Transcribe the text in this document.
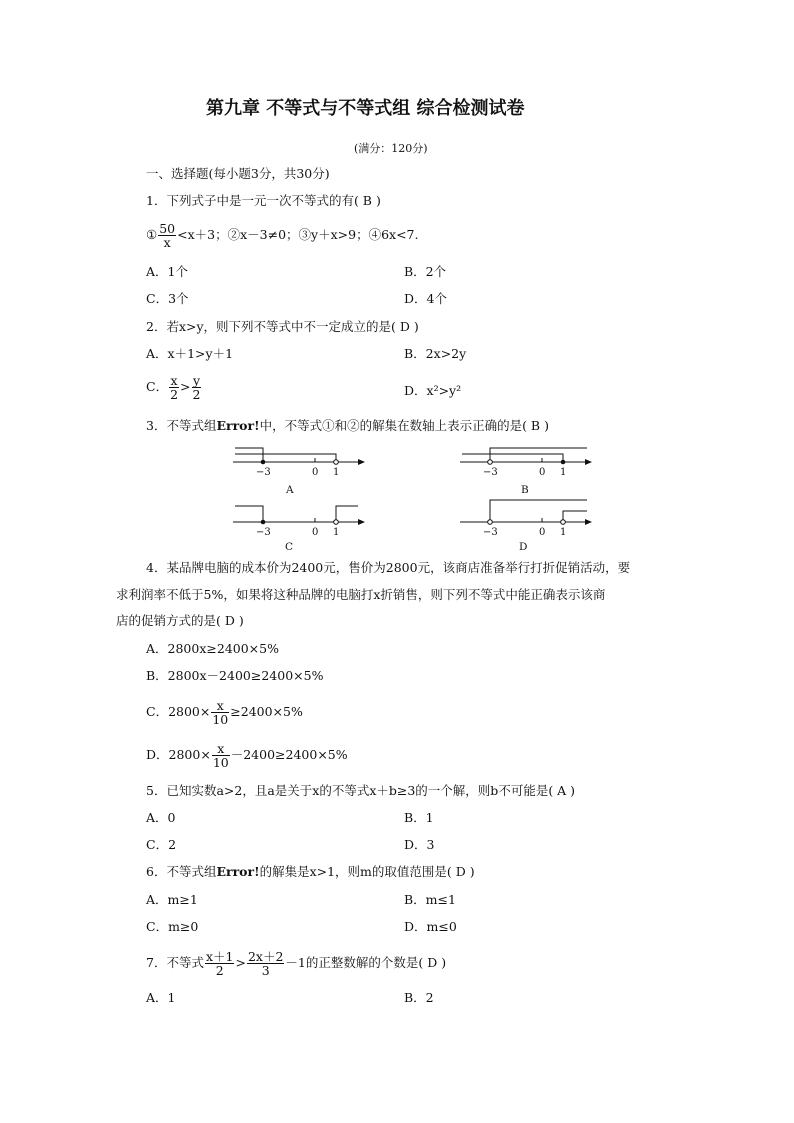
第九章 不等式与不等式组 综合检测试卷
(满分：120分)
一、选择题(每小题3分，共30分)
1．下列式子中是一元一次不等式的有( B )
① $\frac{50}{x} <x+3$；②x－3≠0；③y＋x>9；④6x<7.
A．1个	B．2个
C．3个	D．4个
2．若x>y，则下列不等式中不一定成立的是( D )
A．x＋1>y＋1	B．2x>2y
C． $\frac{x}{2} > \frac{y}{2}$	D．x²>y²
3．不等式组Error!中，不等式①和②的解集在数轴上表示正确的是( B )
−3	0 1
A
−3	0 1
B
−3	0 1
C
−3	0 1
D
4．某品牌电脑的成本价为2400元，售价为2800元，该商店准备举行打折促销活动，要
求利润率不低于5%，如果将这种品牌的电脑打x折销售，则下列不等式中能正确表示该商
店的促销方式的是( D )
A．2800x≥2400×5%
B．2800x－2400≥2400×5%
C．$2800\times \frac{x}{10} \ge 2400\times 5\%$
D．$2800\times \frac{x}{10} -2400\ge 2400\times 5\%$
5．已知实数a>2，且a是关于x的不等式x＋b≥3的一个解，则b不可能是( A )
A．0	B．1
C．2	D．3
6．不等式组Error!的解集是x>1，则m的取值范围是( D )
A．m≥1	B．m≤1
C．m≥0	D．m≤0
7．不等式 $\frac{x+1}{2} > \frac{2x+2}{3} -1$的正整数解的个数是( D )
A．1	B．2
